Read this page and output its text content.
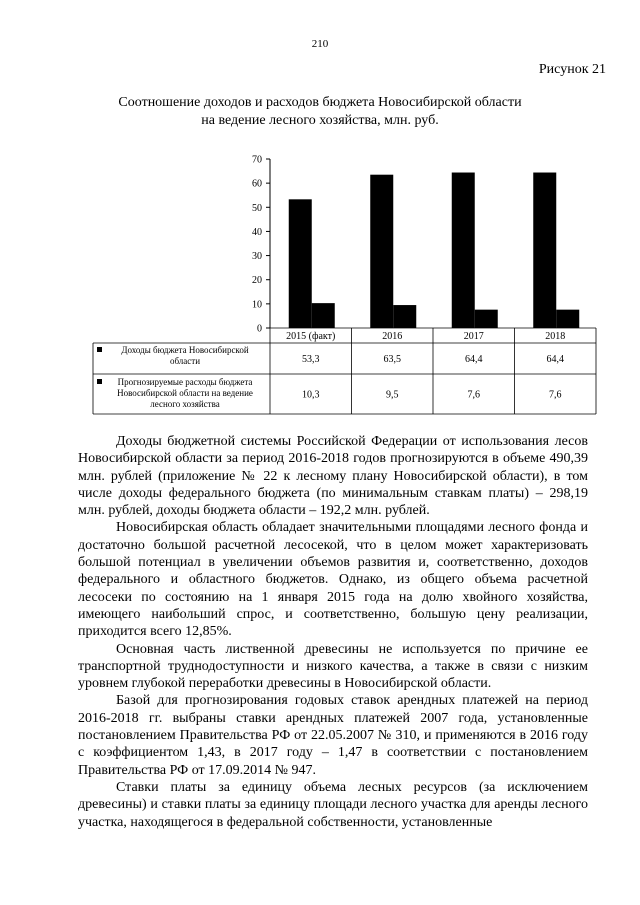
210
Рисунок 21
Соотношение доходов и расходов бюджета Новосибирской области
на ведение лесного хозяйства, млн. руб.
0
10
20
30
40
50
60
70
2015 (факт)	2016	2017	2018
Доходы бюджета Новосибирской
области	53,3	63,5	64,4	64,4
Прогнозируемые расходы бюджета
Новосибирской области на ведение
лесного хозяйства
10,3	9,5	7,6	7,6

Доходы бюджетной системы Российской Федерации от использования лесов Новосибирской области за период 2016-2018 годов прогнозируются в объеме 490,39 млн. рублей (приложение № 22 к лесному плану Новосибирской области), в том числе доходы федерального бюджета (по минимальным ставкам платы) – 298,19 млн. рублей, доходы бюджета области – 192,2 млн. рублей.

Новосибирская область обладает значительными площадями лесного фонда и достаточно большой расчетной лесосекой, что в целом может характеризовать большой потенциал в увеличении объемов развития и, соответственно, доходов федерального и областного бюджетов. Однако, из общего объема расчетной лесосеки по состоянию на 1 января 2015 года на долю хвойного хозяйства, имеющего наибольший спрос, и соответственно, большую цену реализации, приходится всего 12,85%.

Основная часть лиственной древесины не используется по причине ее транспортной труднодоступности и низкого качества, а также в связи с низким уровнем глубокой переработки древесины в Новосибирской области.

Базой для прогнозирования годовых ставок арендных платежей на период 2016-2018 гг. выбраны ставки арендных платежей 2007 года, установленные постановлением Правительства РФ от 22.05.2007 № 310, и применяются в 2016 году с коэффициентом 1,43, в 2017 году – 1,47 в соответствии с постановлением Правительства РФ от 17.09.2014 № 947.

Ставки платы за единицу объема лесных ресурсов (за исключением древесины) и ставки платы за единицу площади лесного участка для аренды лесного участка, находящегося в федеральной собственности, установленные
